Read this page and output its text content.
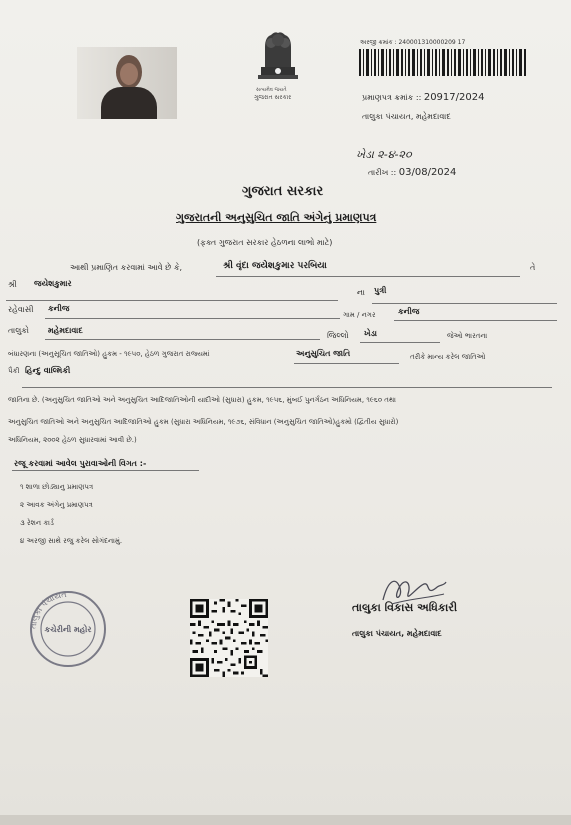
સત્યમેવ જયતે
ગુજરાત સરકાર
અરજી ક્રમાંક : 240001310000209 17
પ્રમાણપત્ર ક્રમાંક :: 20917/2024
તાલુકા પંચાયત, મહેમદાવાદ
ખેડા ૨-૪-૨૦
તારીખ :: 03/08/2024
ગુજરાત સરકાર
ગુજરાતની અનુસુચિત જાતિ અંગેનું પ્રમાણપત્ર
(ફક્ત ગુજરાત સરકાર હેઠળના લાભો માટે)
આથી પ્રમાણિત કરવામાં આવે છે કે,	શ્રી વૃંદા જયેશકુમાર પરબિયા	તે
શ્રી જયેશકુમાર
ના પુત્રી
રહેવાસી કનીજ
ગામ / નગર	કનીજ
તાલુકો મહેમદાવાદ
જિલ્લો ખેડા	જેઓ ભારતના
બંધારણના (અનુસૂચિત જાતિઓ) હુકમ - ૧૯૫૦, હેઠળ ગુજરાત રાજ્યમાં	અનુસુચિત જાતિ	તરીકે માન્ય કરેલ જાતિઓ
પૈકી હિન્દુ વાલ્મિકી
જાતિના છે. (અનુસુચિત જાતિઓ અને અનુસુચિત આદિજાતિઓની યાદીઓ (સુધારા) હુકમ, ૧૯૫૬, મુંબઈ પુનર્ગઠન અધિનિયમ, ૧૯૬૦ તથા
અનુસુચિત જાતિઓ અને અનુસુચિત આદિજાતિઓ હુકમ (સુધારા અધિનિયમ, ૧૯૭૬, સંવિધાન (અનુસુચિત જાતિઓ)હુકમો (દ્વિતીય સુધારો)
અધિનિયમ, ૨૦૦૨ હેઠળ સુધારવામાં આવી છે.)
રજૂ કરવામાં આવેલ પુરાવાઓની વિગત :-
૧ શાળા છોડ્યાનુ પ્રમાણપત્ર
૨ આવક અંગેનુ પ્રમાણપત્ર
૩ રેશન કાર્ડ
૪ અરજી સાથે રજુ કરેલ સોગંદનામું.
તાલુકા પંચાયત
કચેરીની મહોર
તાલુકા વિકાસ અધિકારી
તાલુકા પંચાયત, મહેમદાવાદ
